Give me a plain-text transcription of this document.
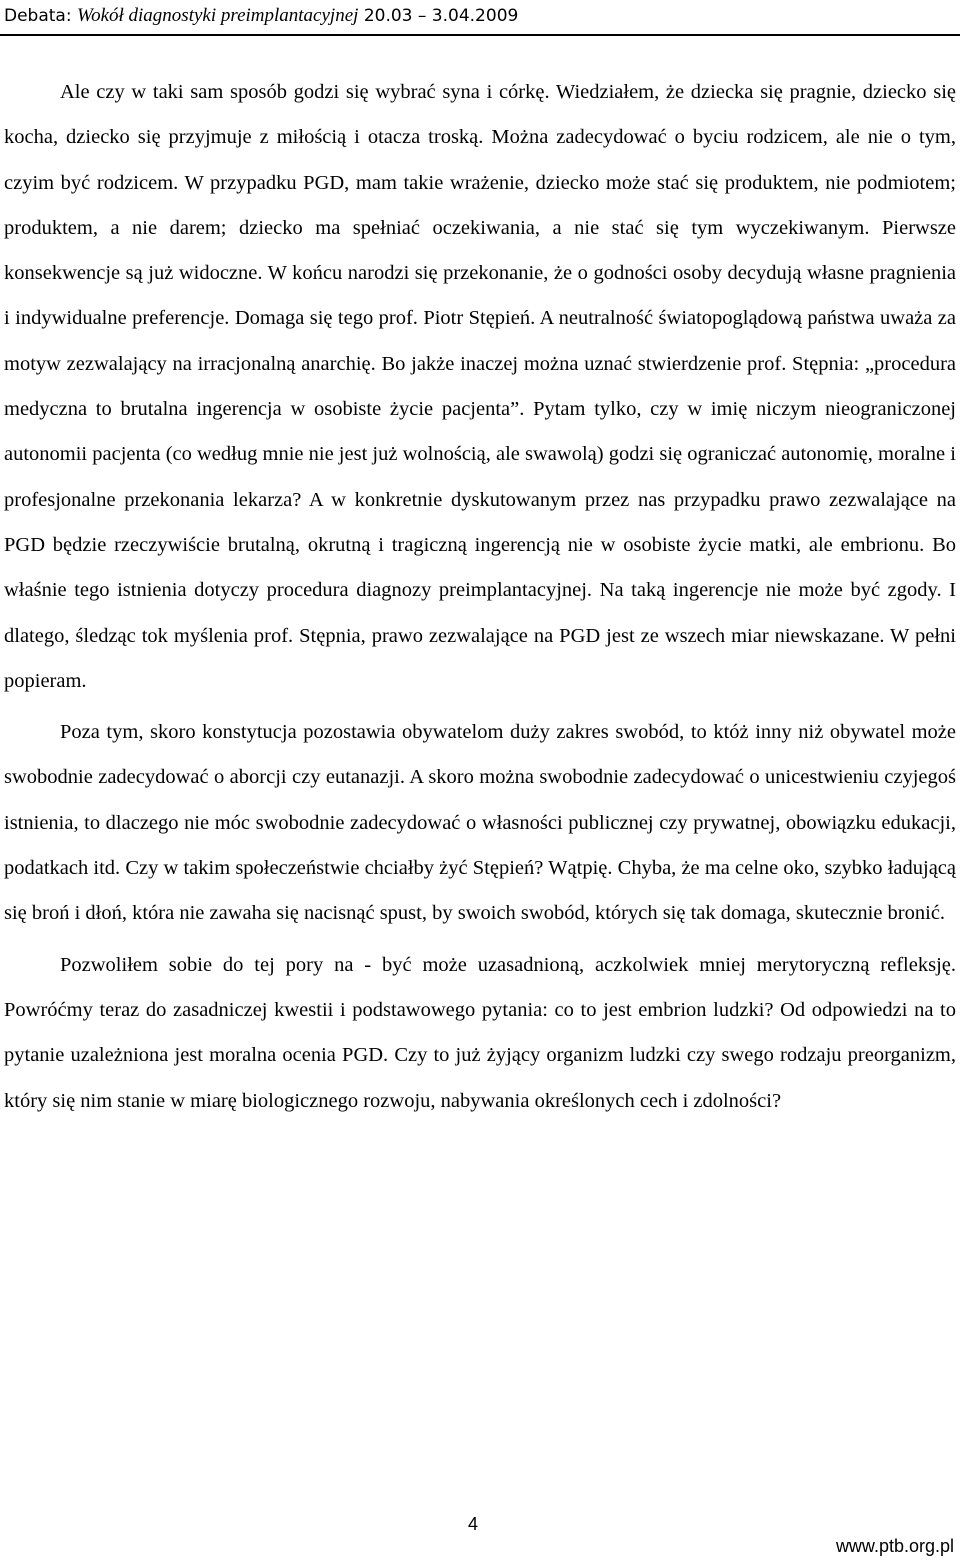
Debata: Wokół diagnostyki preimplantacyjnej 20.03 – 3.04.2009

Ale czy w taki sam sposób godzi się wybrać syna i córkę. Wiedziałem, że dziecka się pragnie, dziecko się kocha, dziecko się przyjmuje z miłością i otacza troską. Można zadecydować o byciu rodzicem, ale nie o tym, czyim być rodzicem. W przypadku PGD, mam takie wrażenie, dziecko może stać się produktem, nie podmiotem; produktem, a nie darem; dziecko ma spełniać oczekiwania, a nie stać się tym wyczekiwanym. Pierwsze konsekwencje są już widoczne. W końcu narodzi się przekonanie, że o godności osoby decydują własne pragnienia i indywidualne preferencje. Domaga się tego prof. Piotr Stępień. A neutralność światopoglądową państwa uważa za motyw zezwalający na irracjonalną anarchię. Bo jakże inaczej można uznać stwierdzenie prof. Stępnia: „procedura medyczna to brutalna ingerencja w osobiste życie pacjenta”. Pytam tylko, czy w imię niczym nieograniczonej autonomii pacjenta (co według mnie nie jest już wolnością, ale swawolą) godzi się ograniczać autonomię, moralne i profesjonalne przekonania lekarza? A w konkretnie dyskutowanym przez nas przypadku prawo zezwalające na PGD będzie rzeczywiście brutalną, okrutną i tragiczną ingerencją nie w osobiste życie matki, ale embrionu. Bo właśnie tego istnienia dotyczy procedura diagnozy preimplantacyjnej. Na taką ingerencje nie może być zgody. I dlatego, śledząc tok myślenia prof. Stępnia, prawo zezwalające na PGD jest ze wszech miar niewskazane. W pełni popieram.

Poza tym, skoro konstytucja pozostawia obywatelom duży zakres swobód, to któż inny niż obywatel może swobodnie zadecydować o aborcji czy eutanazji. A skoro można swobodnie zadecydować o unicestwieniu czyjegoś istnienia, to dlaczego nie móc swobodnie zadecydować o własności publicznej czy prywatnej, obowiązku edukacji, podatkach itd. Czy w takim społeczeństwie chciałby żyć Stępień? Wątpię. Chyba, że ma celne oko, szybko ładującą się broń i dłoń, która nie zawaha się nacisnąć spust, by swoich swobód, których się tak domaga, skutecznie bronić.

Pozwoliłem sobie do tej pory na - być może uzasadnioną, aczkolwiek mniej merytoryczną refleksję. Powróćmy teraz do zasadniczej kwestii i podstawowego pytania: co to jest embrion ludzki? Od odpowiedzi na to pytanie uzależniona jest moralna ocenia PGD. Czy to już żyjący organizm ludzki czy swego rodzaju preorganizm, który się nim stanie w miarę biologicznego rozwoju, nabywania określonych cech i zdolności?

4
www.ptb.org.pl
